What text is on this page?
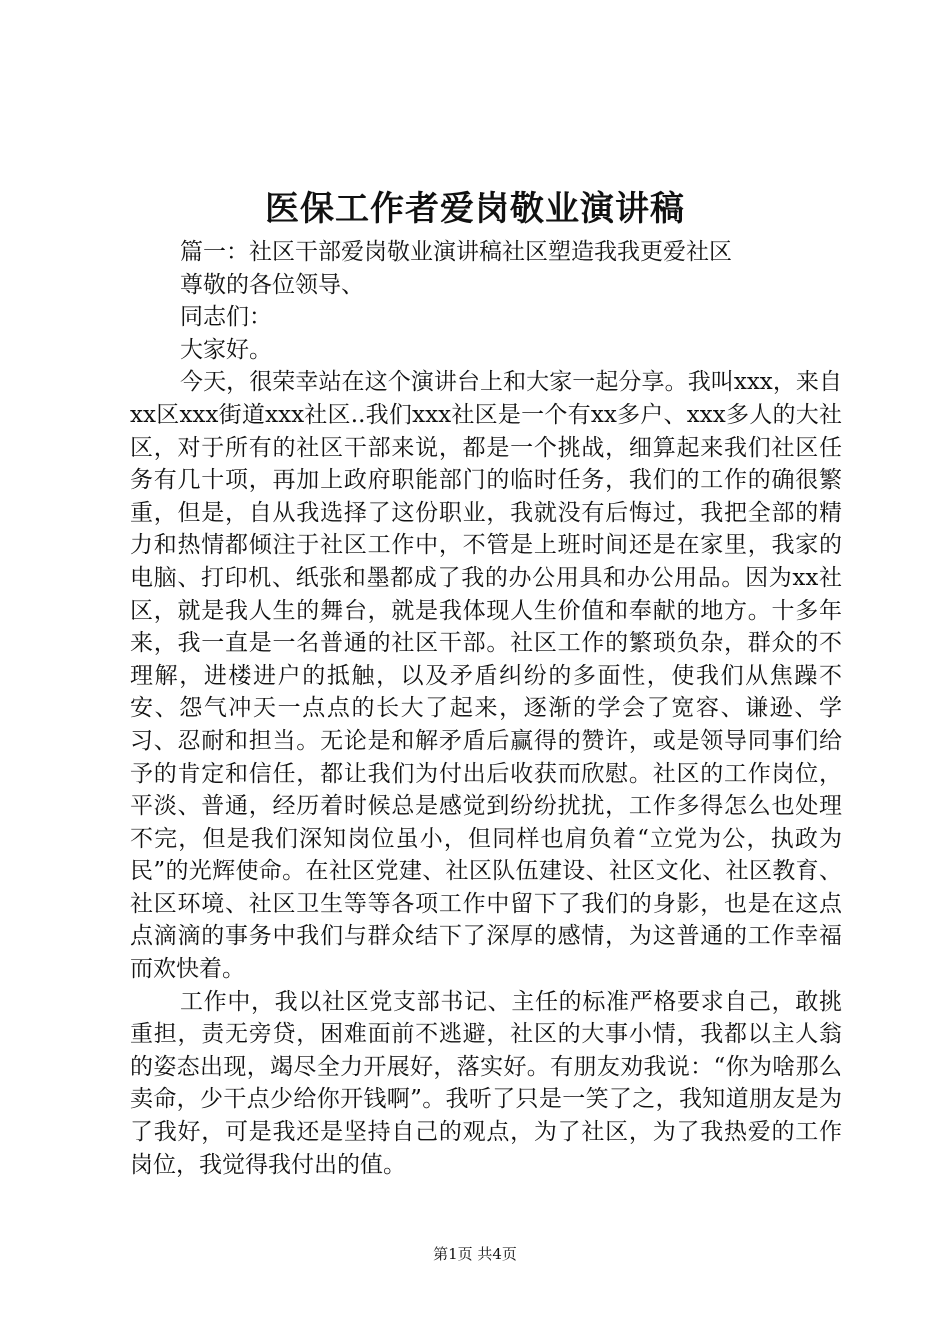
医保工作者爱岗敬业演讲稿

篇一：社区干部爱岗敬业演讲稿社区塑造我我更爱社区

尊敬的各位领导、

同志们：

大家好。

今天，很荣幸站在这个演讲台上和大家一起分享。我叫xxx，来自xx区xxx街道xxx社区..我们xxx社区是一个有xx多户、xxx多人的大社区，对于所有的社区干部来说，都是一个挑战，细算起来我们社区任务有几十项，再加上政府职能部门的临时任务，我们的工作的确很繁重，但是，自从我选择了这份职业，我就没有后悔过，我把全部的精力和热情都倾注于社区工作中，不管是上班时间还是在家里，我家的电脑、打印机、纸张和墨都成了我的办公用具和办公用品。因为xx社区，就是我人生的舞台，就是我体现人生价值和奉献的地方。十多年来，我一直是一名普通的社区干部。社区工作的繁琐负杂，群众的不理解，进楼进户的抵触，以及矛盾纠纷的多面性，使我们从焦躁不安、怨气冲天一点点的长大了起来，逐渐的学会了宽容、谦逊、学习、忍耐和担当。无论是和解矛盾后赢得的赞许，或是领导同事们给予的肯定和信任，都让我们为付出后收获而欣慰。社区的工作岗位，平淡、普通，经历着时候总是感觉到纷纷扰扰，工作多得怎么也处理不完，但是我们深知岗位虽小，但同样也肩负着“立党为公，执政为民”的光辉使命。在社区党建、社区队伍建设、社区文化、社区教育、社区环境、社区卫生等等各项工作中留下了我们的身影，也是在这点点滴滴的事务中我们与群众结下了深厚的感情，为这普通的工作幸福而欢快着。

工作中，我以社区党支部书记、主任的标准严格要求自己，敢挑重担，责无旁贷，困难面前不逃避，社区的大事小情，我都以主人翁的姿态出现，竭尽全力开展好，落实好。有朋友劝我说：“你为啥那么卖命，少干点少给你开钱啊”。我听了只是一笑了之，我知道朋友是为了我好，可是我还是坚持自己的观点，为了社区，为了我热爱的工作岗位，我觉得我付出的值。

第1页 共4页
